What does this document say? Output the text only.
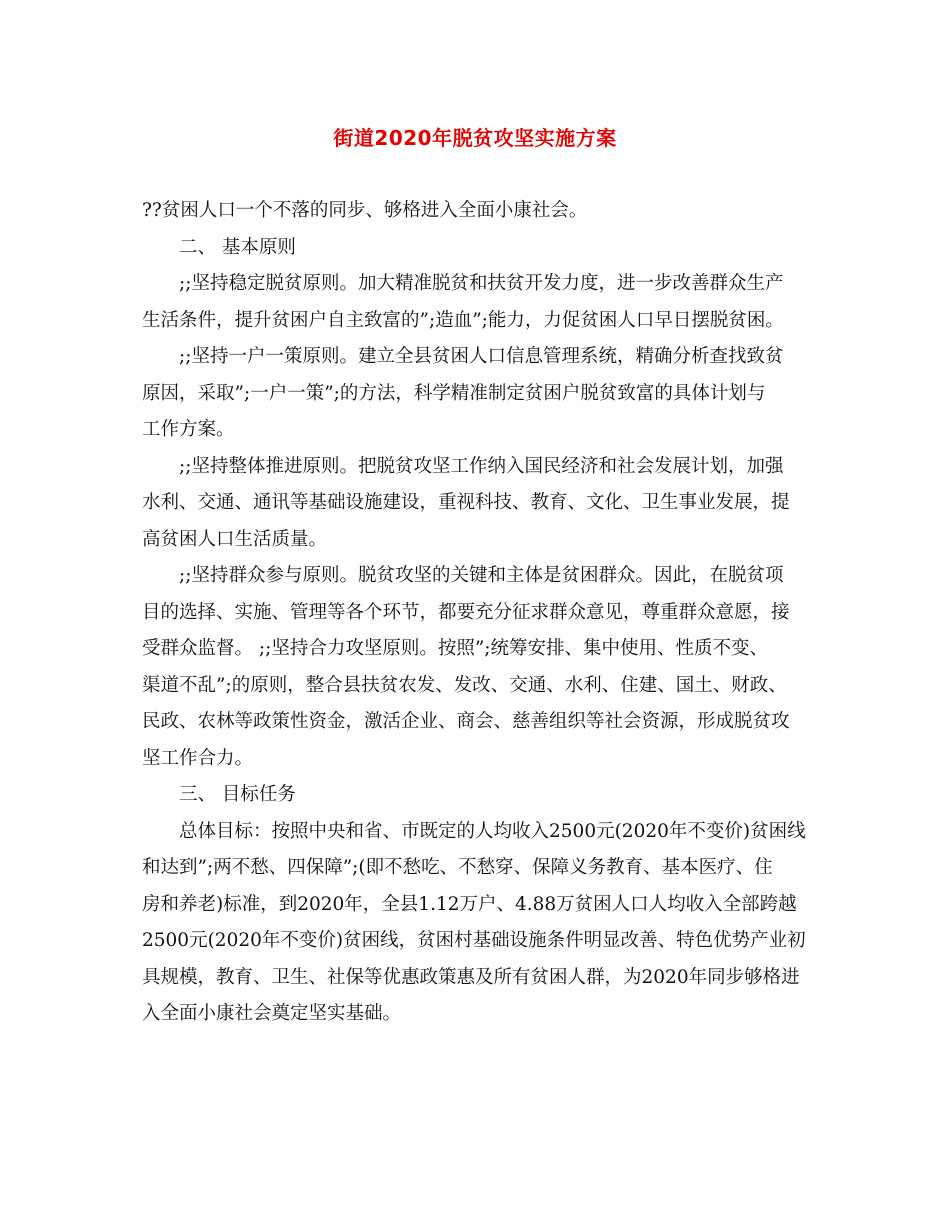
街道2020年脱贫攻坚实施方案
??贫困人口一个不落的同步、够格进入全面小康社会。
二、 基本原则
;;坚持稳定脱贫原则。加大精准脱贫和扶贫开发力度，进一步改善群众生产
生活条件，提升贫困户自主致富的”;造血”;能力，力促贫困人口早日摆脱贫困。
;;坚持一户一策原则。建立全县贫困人口信息管理系统，精确分析查找致贫
原因，采取”;一户一策”;的方法，科学精准制定贫困户脱贫致富的具体计划与
工作方案。
;;坚持整体推进原则。把脱贫攻坚工作纳入国民经济和社会发展计划，加强
水利、交通、通讯等基础设施建设，重视科技、教育、文化、卫生事业发展，提
高贫困人口生活质量。
;;坚持群众参与原则。脱贫攻坚的关键和主体是贫困群众。因此，在脱贫项
目的选择、实施、管理等各个环节，都要充分征求群众意见，尊重群众意愿，接
受群众监督。 ;;坚持合力攻坚原则。按照”;统筹安排、集中使用、性质不变、
渠道不乱”;的原则，整合县扶贫农发、发改、交通、水利、住建、国土、财政、
民政、农林等政策性资金，激活企业、商会、慈善组织等社会资源，形成脱贫攻
坚工作合力。
三、 目标任务
总体目标：按照中央和省、市既定的人均收入2500元(2020年不变价)贫困线
和达到”;两不愁、四保障”;(即不愁吃、不愁穿、保障义务教育、基本医疗、住
房和养老)标准，到2020年，全县1.12万户、4.88万贫困人口人均收入全部跨越
2500元(2020年不变价)贫困线，贫困村基础设施条件明显改善、特色优势产业初
具规模，教育、卫生、社保等优惠政策惠及所有贫困人群，为2020年同步够格进
入全面小康社会奠定坚实基础。
